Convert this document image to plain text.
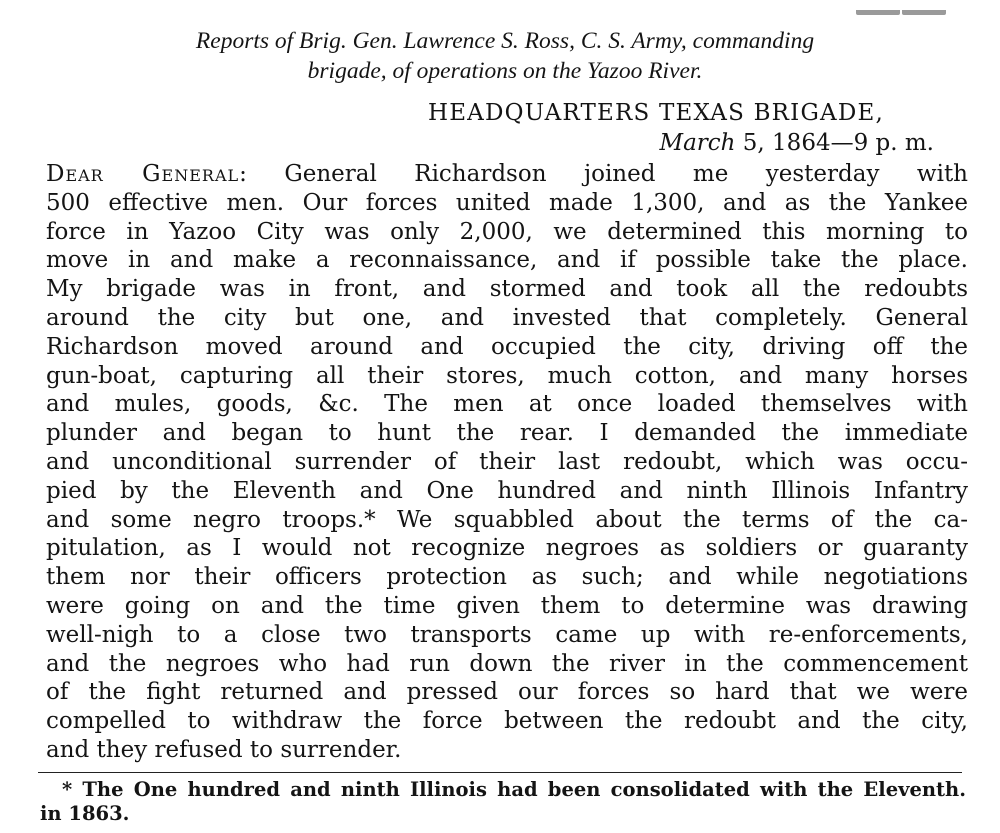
Reports of Brig. Gen. Lawrence S. Ross, C. S. Army, commanding
brigade, of operations on the Yazoo River.
HEADQUARTERS TEXAS BRIGADE,
March 5, 1864—9 p. m.
Dear General: General Richardson joined me yesterday with
500 effective men. Our forces united made 1,300, and as the Yankee
force in Yazoo City was only 2,000, we determined this morning to
move in and make a reconnaissance, and if possible take the place.
My brigade was in front, and stormed and took all the redoubts
around the city but one, and invested that completely. General
Richardson moved around and occupied the city, driving off the
gun-boat, capturing all their stores, much cotton, and many horses
and mules, goods, &c. The men at once loaded themselves with
plunder and began to hunt the rear. I demanded the immediate
and unconditional surrender of their last redoubt, which was occu-
pied by the Eleventh and One hundred and ninth Illinois Infantry
and some negro troops.* We squabbled about the terms of the ca-
pitulation, as I would not recognize negroes as soldiers or guaranty
them nor their officers protection as such; and while negotiations
were going on and the time given them to determine was drawing
well-nigh to a close two transports came up with re-enforcements,
and the negroes who had run down the river in the commencement
of the fight returned and pressed our forces so hard that we were
compelled to withdraw the force between the redoubt and the city,
and they refused to surrender.
* The One hundred and ninth Illinois had been consolidated with the Eleventh.
in 1863.
